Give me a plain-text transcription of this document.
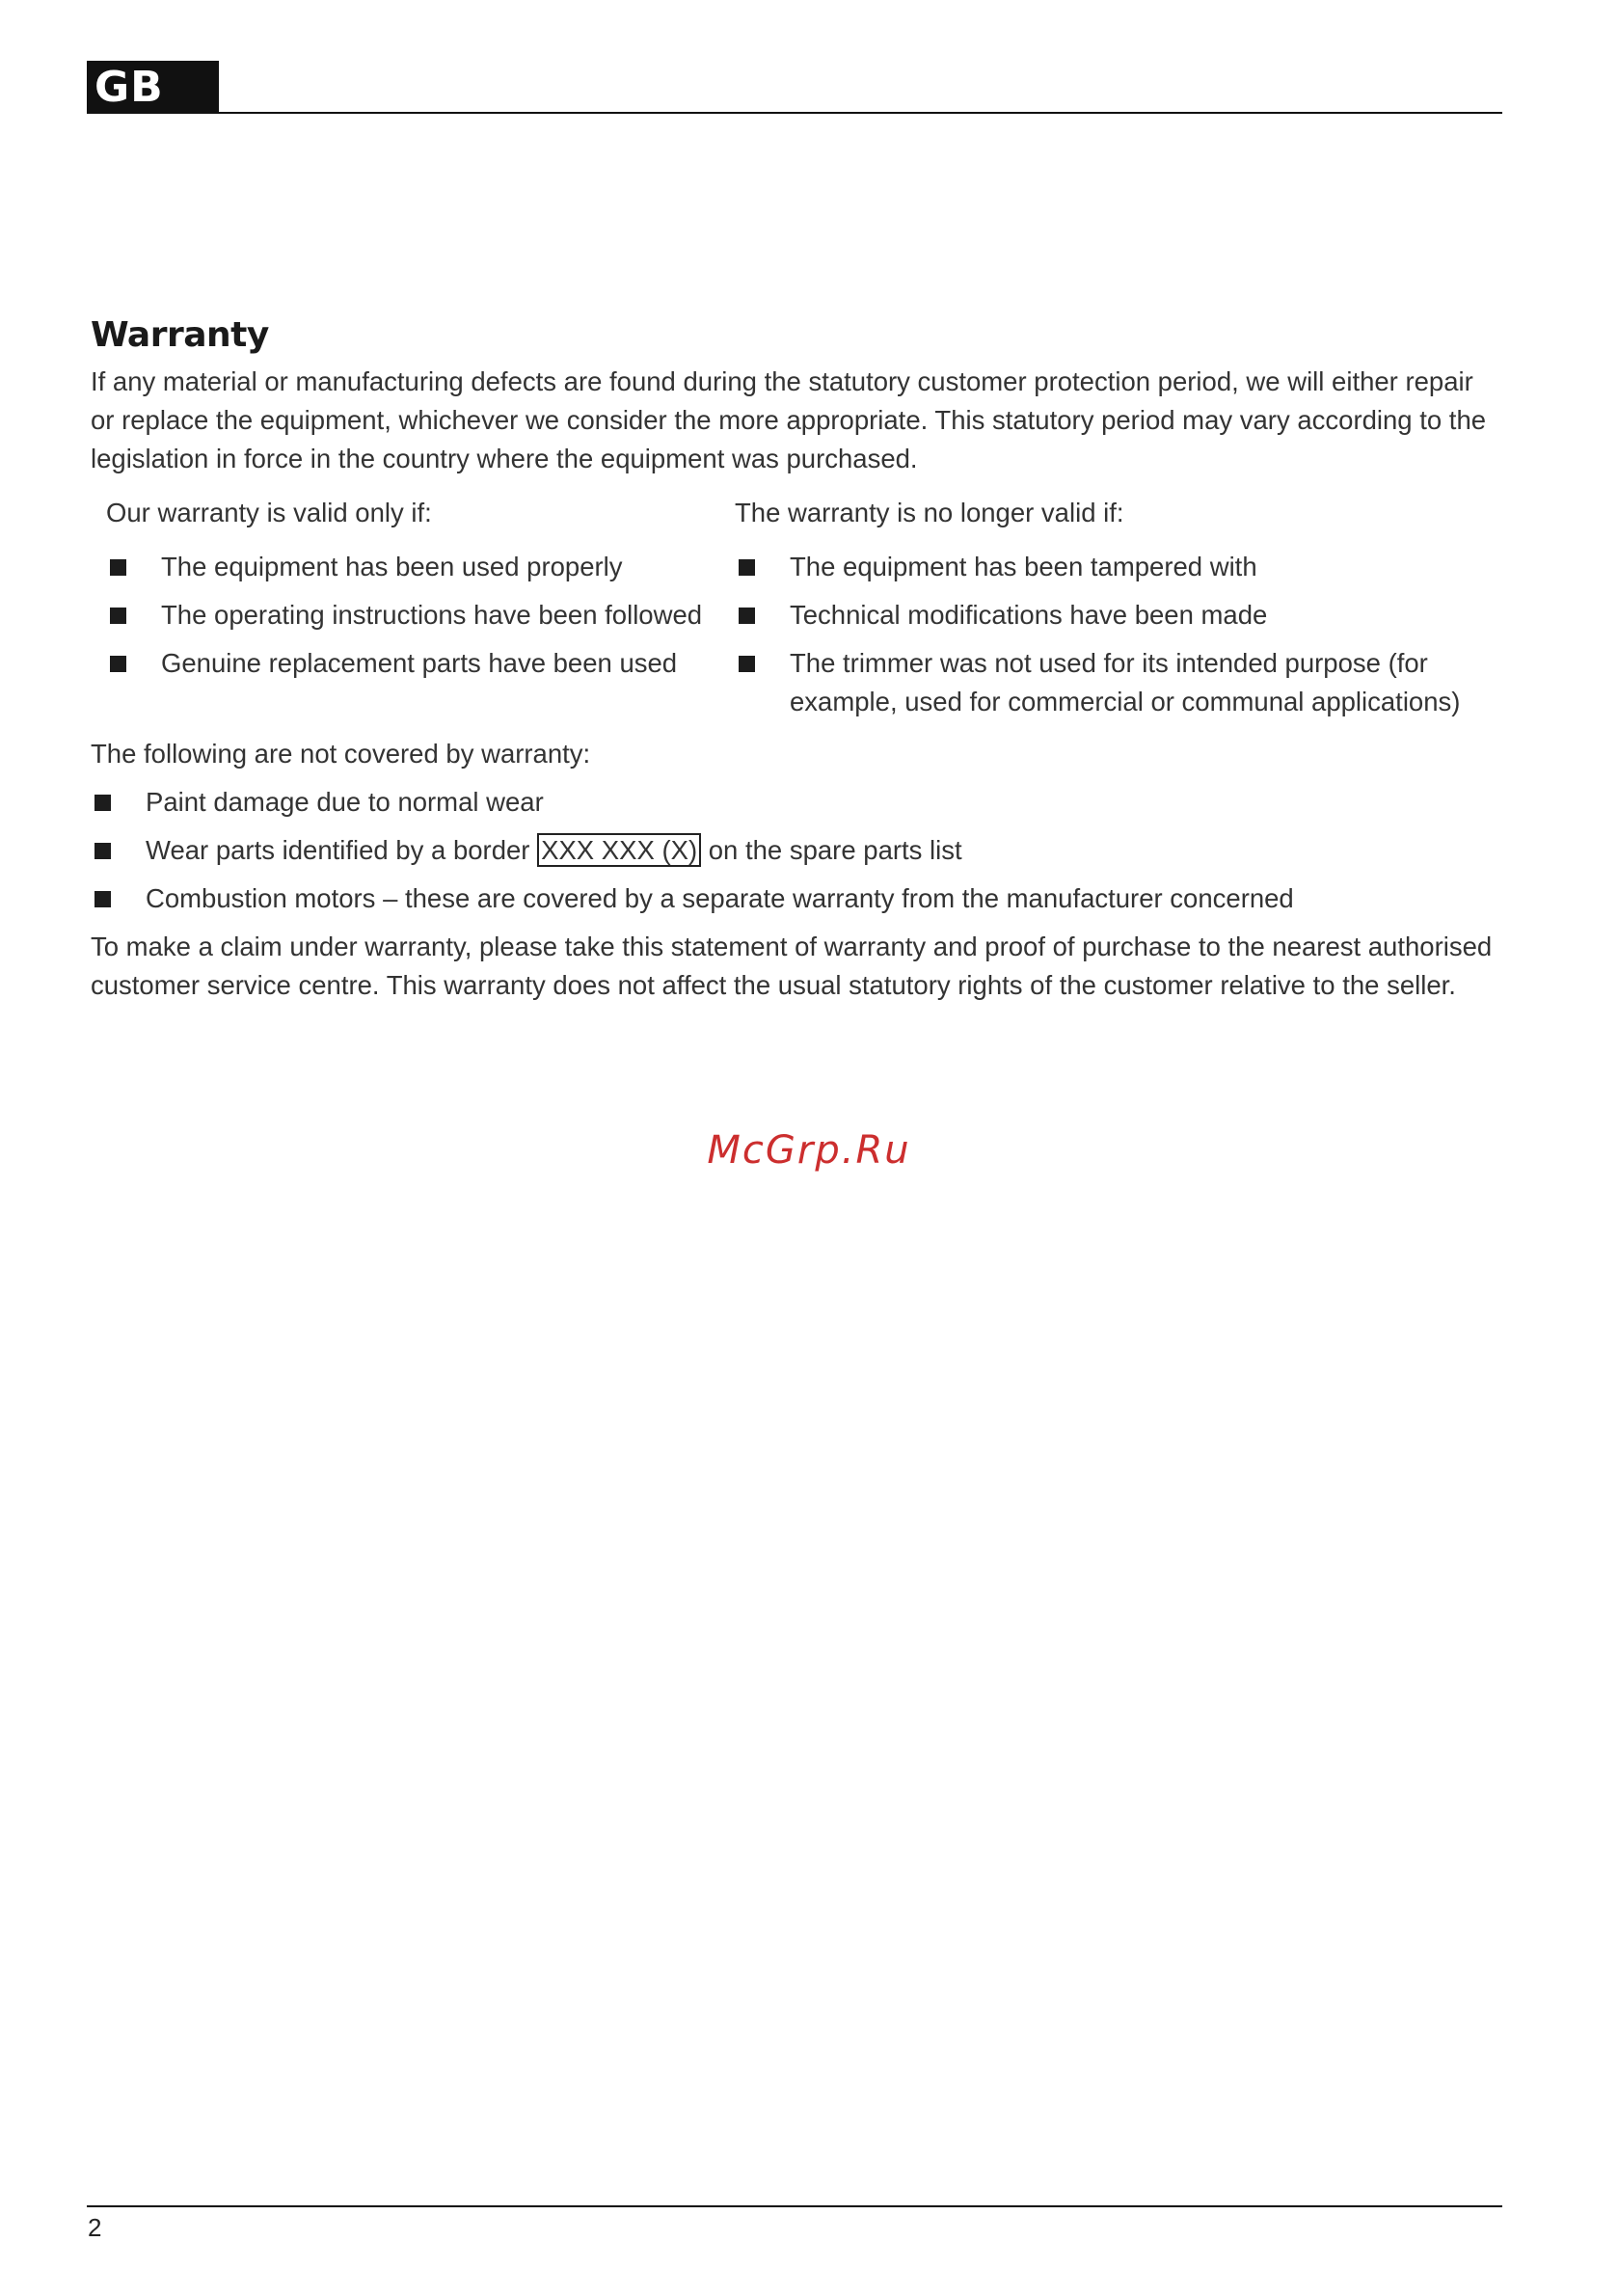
GB
Warranty

If any material or manufacturing defects are found during the statutory customer protection period, we will either repair or replace the equipment, whichever we consider the more appropriate. This statutory period may vary according to the legislation in force in the country where the equipment was purchased.

Our warranty is valid only if:

The equipment has been used properly
The operating instructions have been followed
Genuine replacement parts have been used

The warranty is no longer valid if:

The equipment has been tampered with
Technical modifications have been made
The trimmer was not used for its intended purpose (for example, used for commercial or communal applications)

The following are not covered by warranty:

Paint damage due to normal wear
Wear parts identified by a border XXX XXX (X) on the spare parts list
Combustion motors – these are covered by a separate warranty from the manufacturer concerned

To make a claim under warranty, please take this statement of warranty and proof of purchase to the nearest authorised customer service centre. This warranty does not affect the usual statutory rights of the customer relative to the seller.

McGrp.Ru
2
